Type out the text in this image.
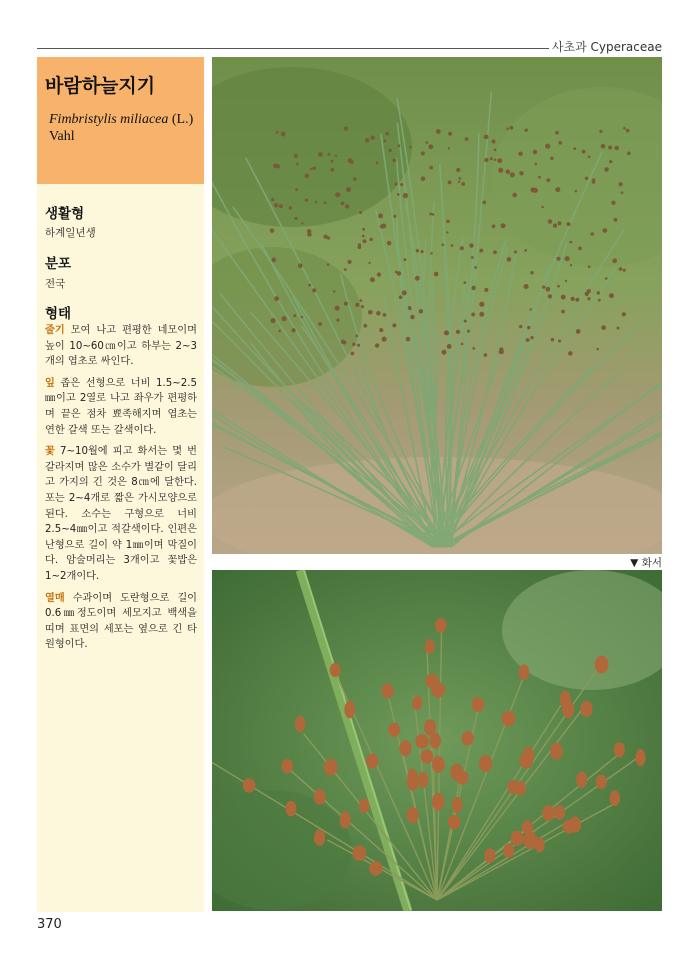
사초과 Cyperaceae
바람하늘지기
Fimbristylis miliacea (L.)
Vahl
생활형
하계일년생
분포
전국
형태

줄기 모여 나고 편평한 네모이며 높이 10~60㎝이고 하부는 2~3개의 엽초로 싸인다.

잎 좁은 선형으로 너비 1.5~2.5㎜이고 2열로 나고 좌우가 편평하며 끝은 점차 뾰족해지며 엽초는 연한 갈색 또는 갈색이다.

꽃 7~10월에 피고 화서는 몇 번 갈라지며 많은 소수가 별같이 달리고 가지의 긴 것은 8㎝에 달한다. 포는 2~4개로 짧은 가시모양으로 된다. 소수는 구형으로 너비 2.5~4㎜이고 적갈색이다. 인편은 난형으로 길이 약 1㎜이며 막질이다. 암술머리는 3개이고 꽃밥은 1~2개이다.

열매 수과이며 도란형으로 길이 0.6㎜정도이며 세모지고 백색을 띠며 표면의 세포는 옆으로 긴 타원형이다.

▼ 화서
370
